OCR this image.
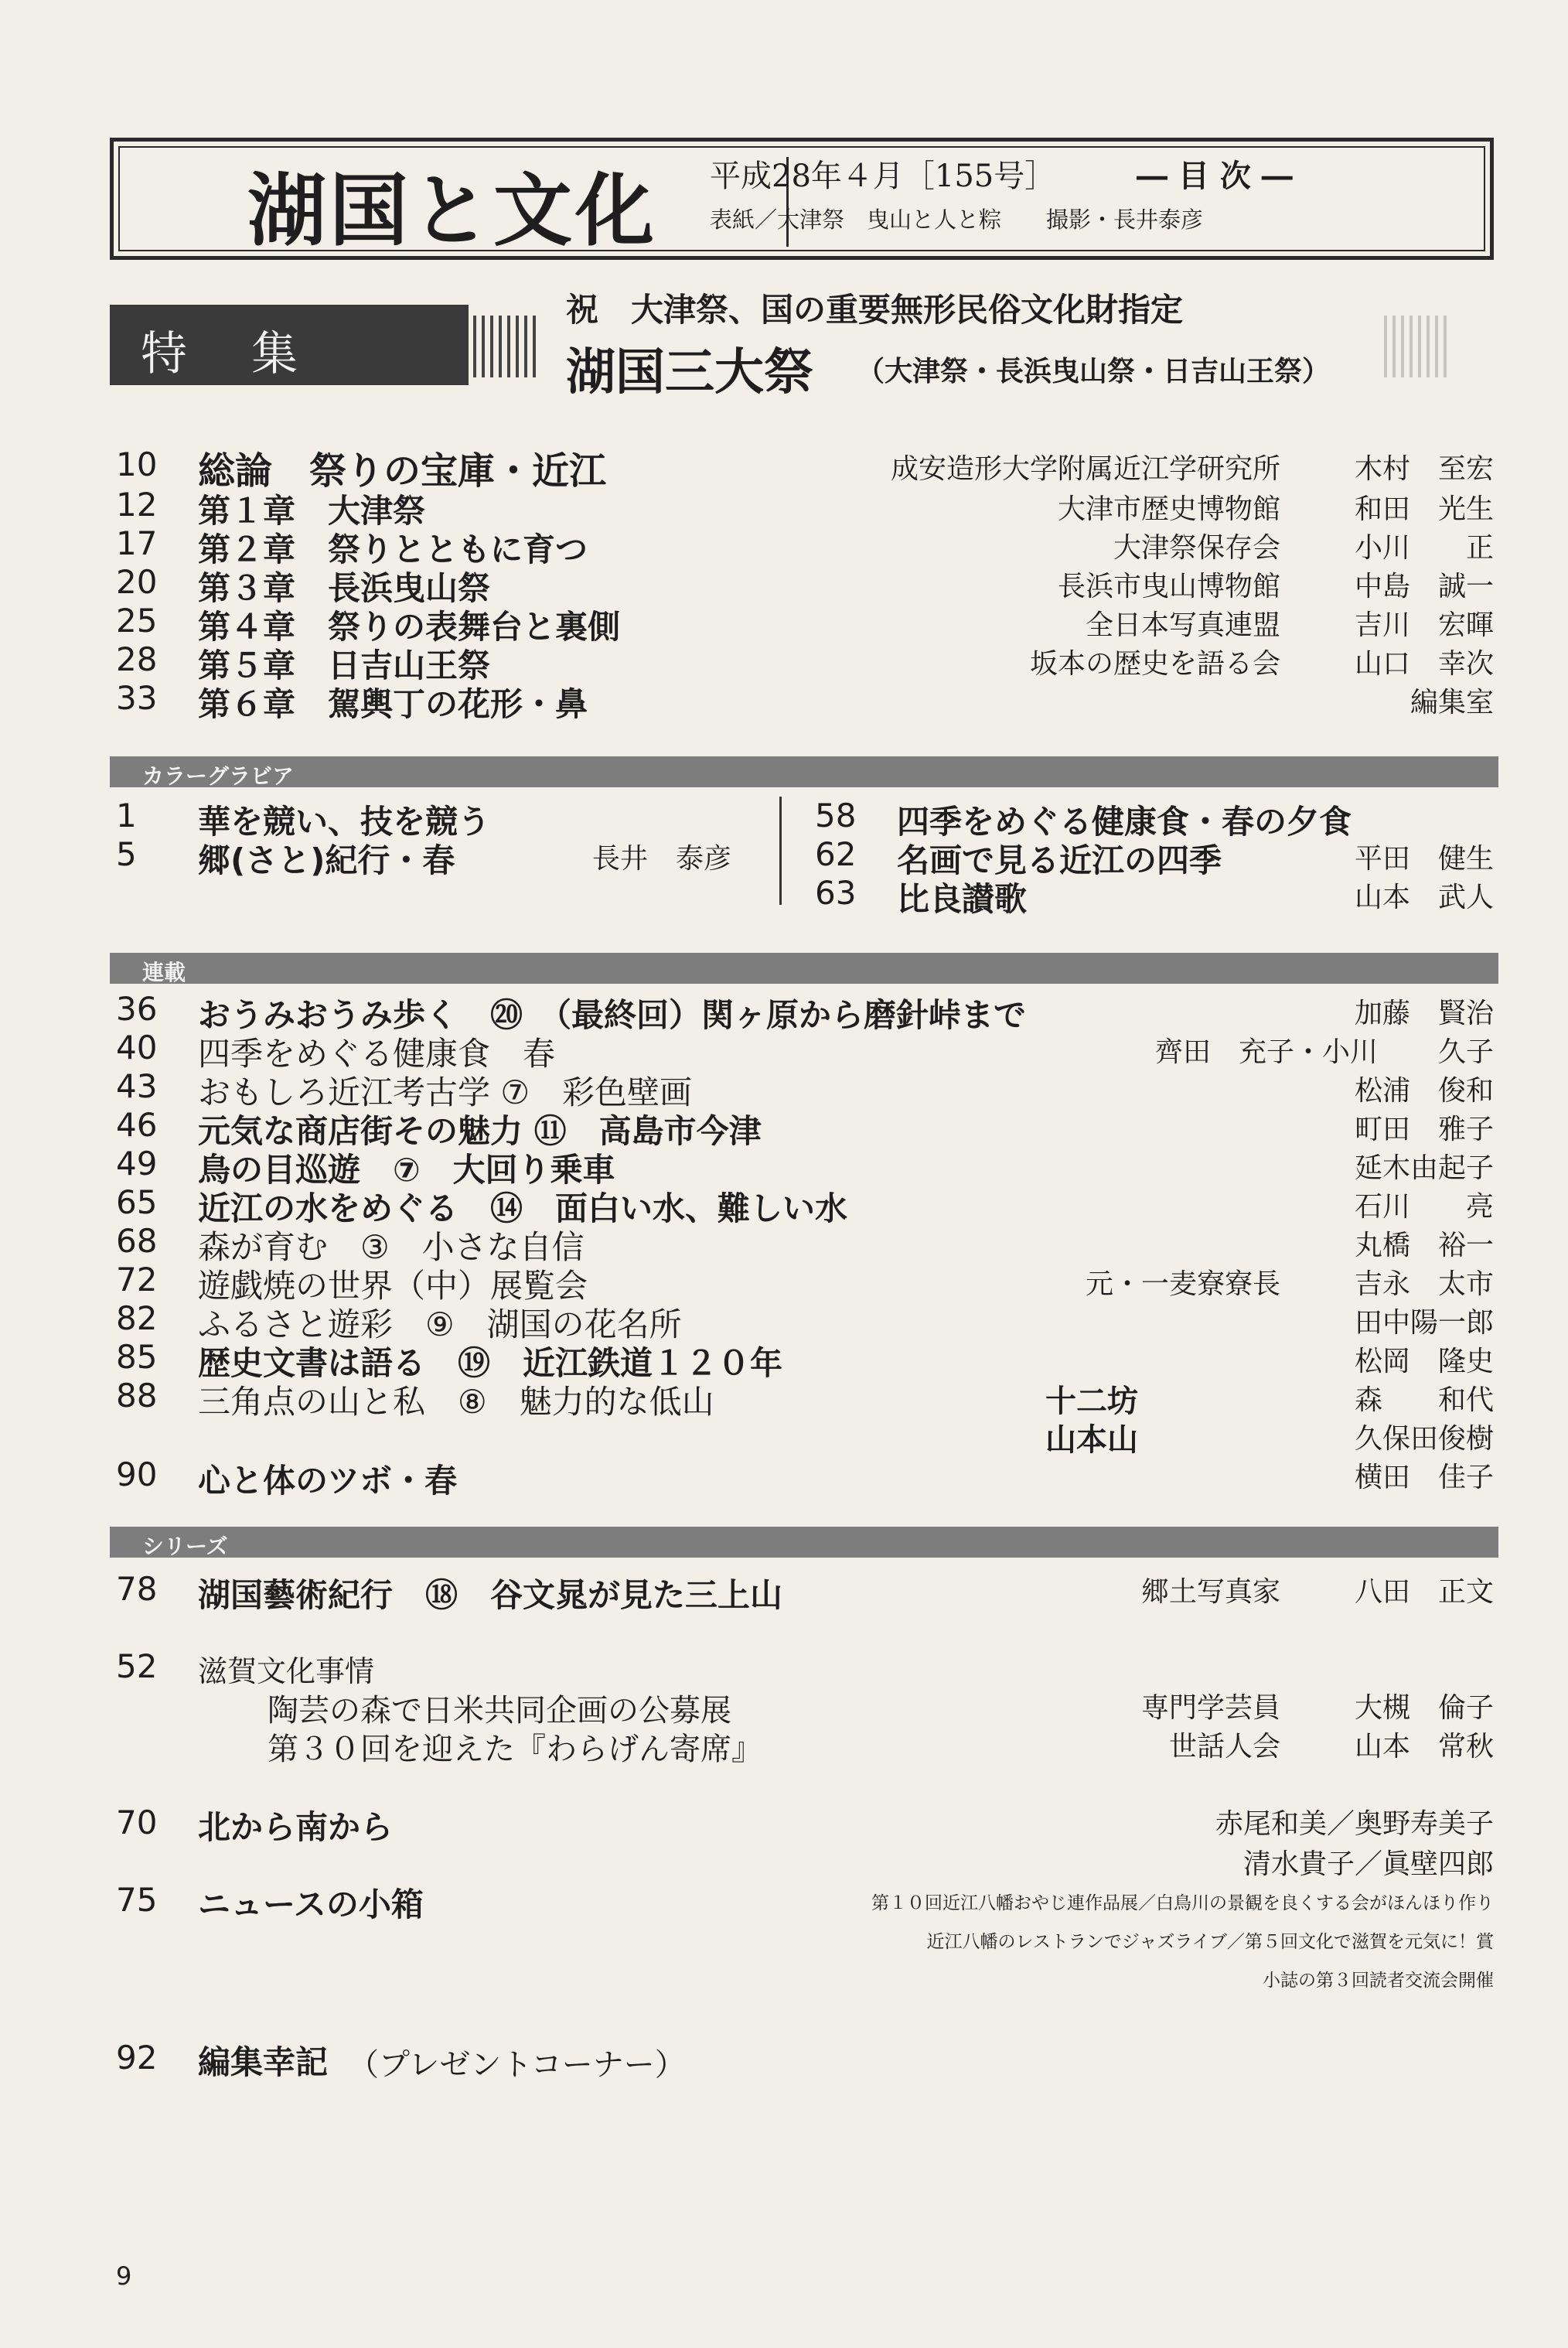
湖国と文化 平成28年４月［155号］	― 目 次 ―
表紙／大津祭　曳山と人と粽　　撮影・長井泰彦
特 集
祝　大津祭、国の重要無形民俗文化財指定
湖国三大祭 （大津祭・長浜曳山祭・日吉山王祭）
10 総論　祭りの宝庫・近江	成安造形大学附属近江学研究所	木村　至宏
12 第１章　大津祭	大津市歴史博物館	和田　光生
17 第２章　祭りとともに育つ	大津祭保存会	小川　　正
20 第３章　長浜曳山祭	長浜市曳山博物館	中島　誠一
25 第４章　祭りの表舞台と裏側	全日本写真連盟	吉川　宏暉
28 第５章　日吉山王祭	坂本の歴史を語る会	山口　幸次
33 第６章　駕輿丁の花形・鼻	編集室
カラーグラビア
1 華を競い、技を競う
5 郷(さと)紀行・春	長井　泰彦
58 四季をめぐる健康食・春の夕食
62 名画で見る近江の四季	平田　健生
63 比良讃歌	山本　武人
連載
36 おうみおうみ歩く　⑳　（最終回）関ヶ原から磨針峠まで	加藤　賢治
40 四季をめぐる健康食　春	齊田　充子・小川 久子
43 おもしろ近江考古学 ⑦　彩色壁画	松浦　俊和
46 元気な商店街その魅力 ⑪　高島市今津	町田　雅子
49 鳥の目巡遊　⑦　大回り乗車	延木由起子
65 近江の水をめぐる　⑭　面白い水、難しい水	石川　　亮
68 森が育む　③　小さな自信	丸橋　裕一
72 遊戯焼の世界（中）展覧会	元・一麦寮寮長	吉永　太市
82 ふるさと遊彩　⑨　湖国の花名所	田中陽一郎
85 歴史文書は語る　⑲　近江鉄道１２０年	松岡　隆史
88 三角点の山と私　⑧　魅力的な低山	十二坊	森　　和代
山本山	久保田俊樹
90 心と体のツボ・春	横田　佳子
シリーズ
78 湖国藝術紀行　⑱　谷文晁が見た三上山	郷土写真家	八田　正文
52 滋賀文化事情
陶芸の森で日米共同企画の公募展	専門学芸員	大槻　倫子
第３０回を迎えた『わらげん寄席』	世話人会	山本　常秋
70 北から南から	赤尾和美／奥野寿美子
清水貴子／眞壁四郎
75 ニュースの小箱	第１０回近江八幡おやじ連作品展／白鳥川の景観を良くする会がほんほり作り
近江八幡のレストランでジャズライブ／第５回文化で滋賀を元気に！賞
小誌の第３回読者交流会開催
92 編集幸記 （プレゼントコーナー）
9
